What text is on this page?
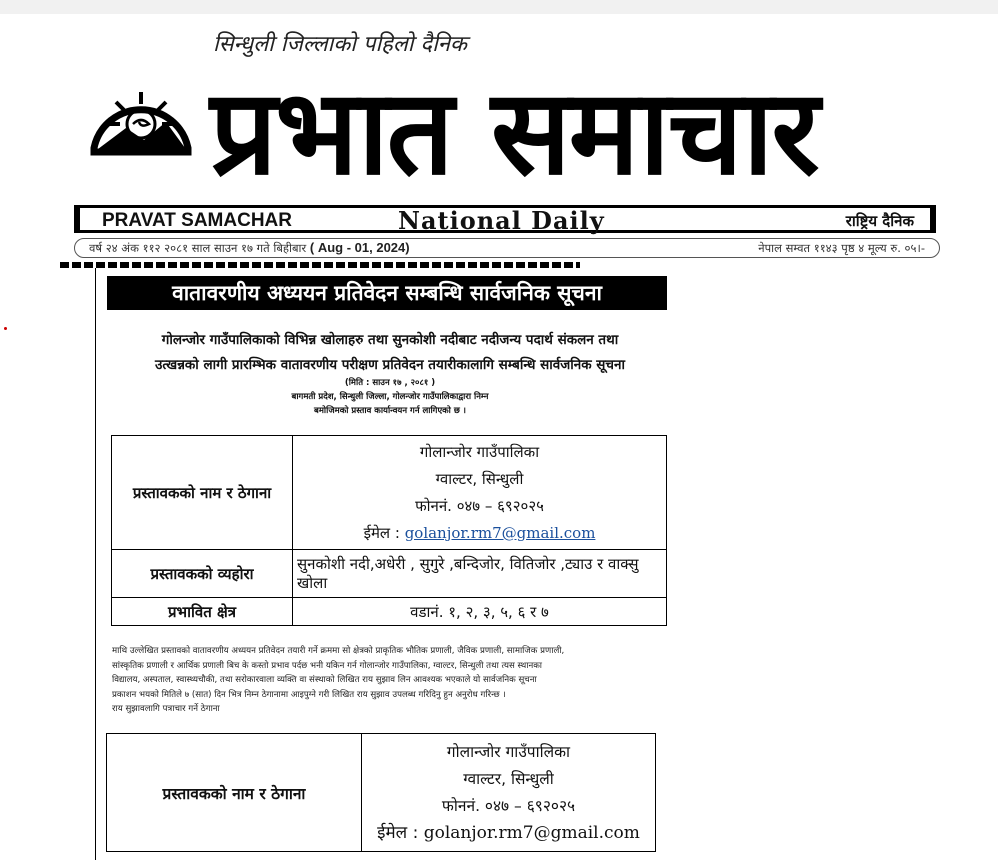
सिन्धुली जिल्लाको पहिलो दैनिक
प्रभात समाचार
PRAVAT SAMACHAR	National Daily	राष्ट्रिय दैनिक
वर्ष २४ अंक ११२ २०८१ साल साउन १७ गते बिहीबार ( Aug - 01, 2024)	नेपाल सम्वत ११४३ पृष्ठ ४ मूल्य रु. ०५।-
वातावरणीय अध्ययन प्रतिवेदन सम्बन्धि सार्वजनिक सूचना
गोलन्जोर गाउँपालिकाको विभिन्न खोलाहरु तथा सुनकोशी नदीबाट नदीजन्य पदार्थ संकलन तथा
उत्खन्नको लागी प्रारम्भिक वातावरणीय परीक्षण प्रतिवेदन तयारीकालागि सम्बन्धि सार्वजनिक सूचना
(मिति : साउन १७ , २०८१ )
बागमती प्रदेश, सिन्धुली जिल्ला, गोलन्जोर गाउँपालिकाद्वारा निम्न
बमोजिमको प्रस्ताव कार्यान्वयन गर्न लागिएको छ ।
प्रस्तावकको नाम र ठेगाना	गोलान्जोर गाउँपालिका
ग्वाल्टर, सिन्धुली
फोननं. ०४७ – ६९२०२५
ईमेल : golanjor.rm7@gmail.com

प्रस्तावकको व्यहोरा	सुनकोशी नदी,अधेरी , सुगुरे ,बन्दिजोर, वितिजोर ,ट्याउ र वाक्सु
खोला

प्रभावित क्षेत्र	वडानं. १, २, ३, ५, ६ र ७
माथि उल्लेखित प्रस्तावको वातावरणीय अध्ययन प्रतिवेदन तयारी गर्ने क्रममा सो क्षेत्रको प्राकृतिक भौतिक प्रणाली, जैविक प्रणाली, सामाजिक प्रणाली,
सांस्कृतिक प्रणाली र आर्थिक प्रणाली बिच के कस्तो प्रभाव पर्दछ भनी यकिन गर्न गोलान्जोर गाउँपालिका, ग्वाल्टर, सिन्धुली तथा त्यस स्थानका
विद्यालय, अस्पताल, स्वास्थ्यचौकी, तथा सरोकारवाला व्यक्ति वा संस्थाको लिखित राय सुझाव लिन आवश्यक भएकाले यो सार्वजनिक सूचना
प्रकाशन भयको मितिले ७ (सात) दिन भित्र निम्न ठेगानामा आइपुग्ने गरी लिखित राय सुझाव उपलब्ध गरिदिनु हुन अनुरोध गरिन्छ ।
राय सुझावलागि पत्राचार गर्ने ठेगाना
प्रस्तावकको नाम र ठेगाना	
गोलान्जोर गाउँपालिका
ग्वाल्टर, सिन्धुली
फोननं. ०४७ – ६९२०२५
ईमेल : golanjor.rm7@gmail.com
